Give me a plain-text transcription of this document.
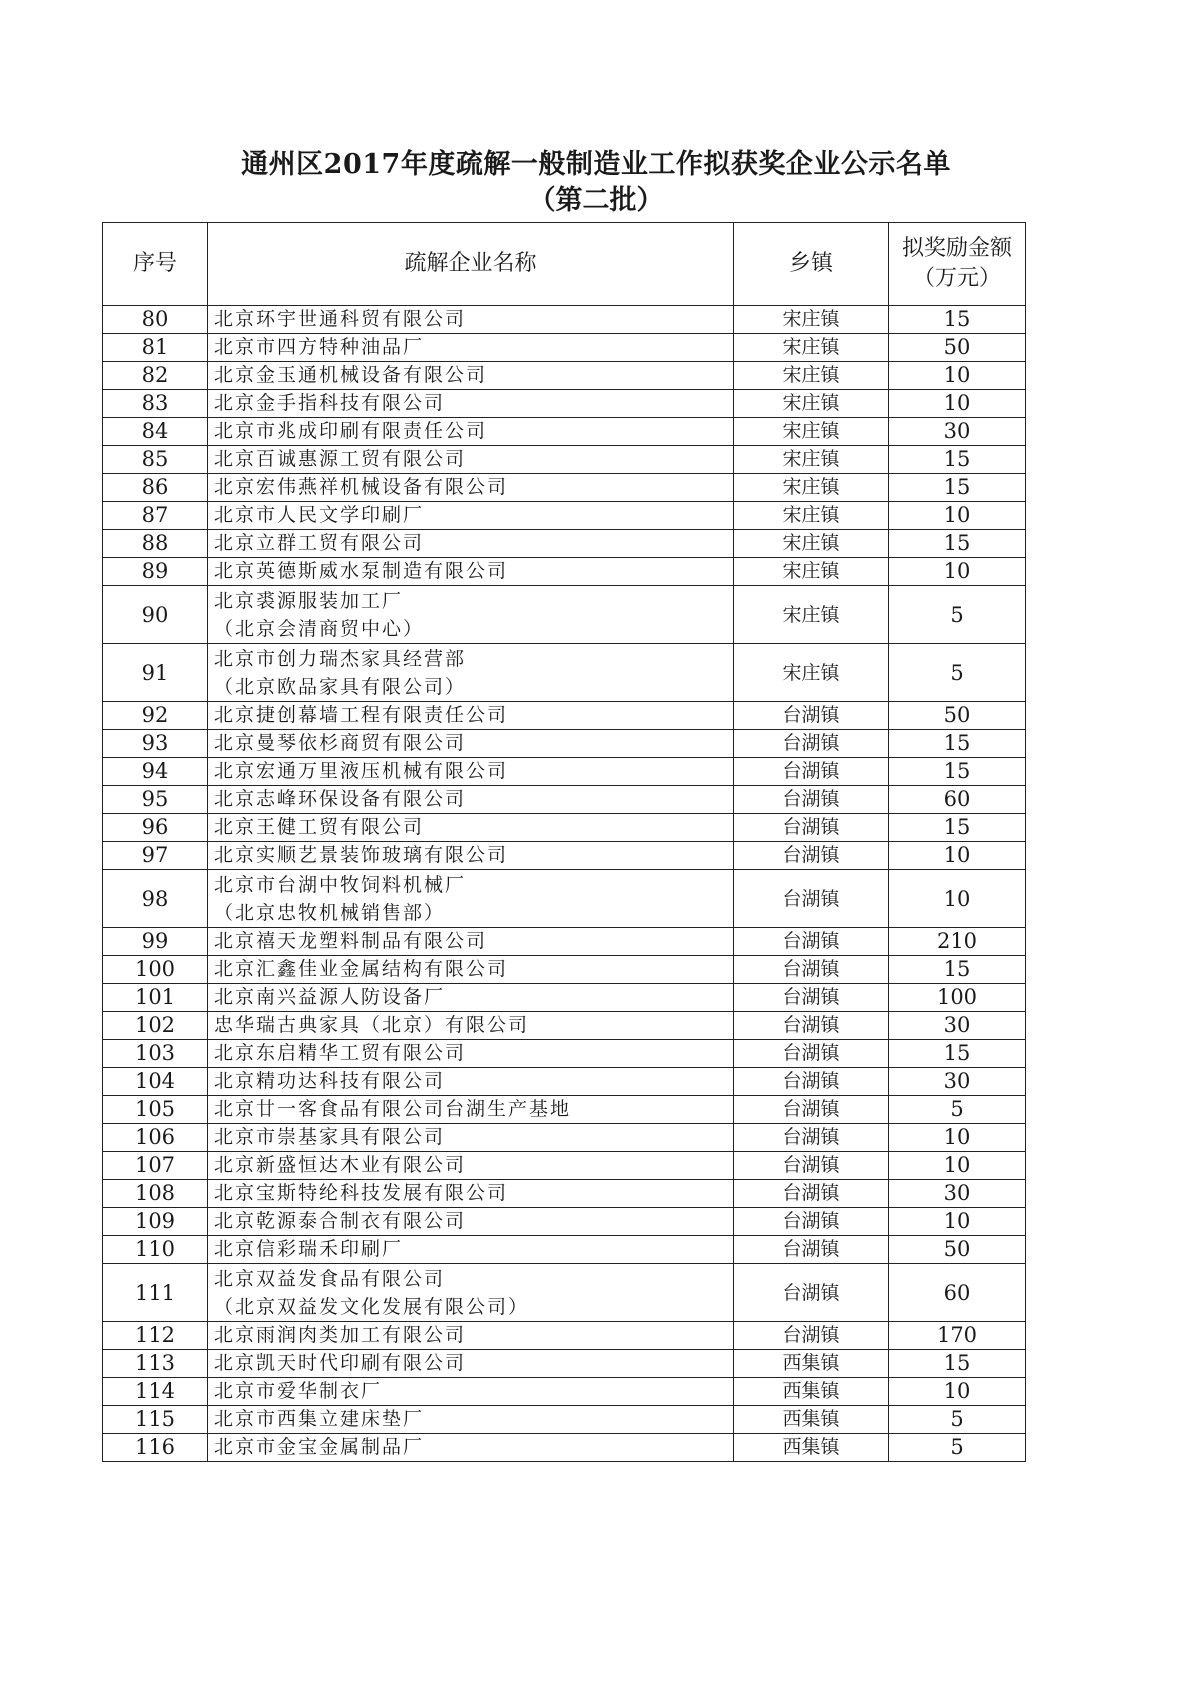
通州区2017年度疏解一般制造业工作拟获奖企业公示名单
（第二批）
序号	疏解企业名称	乡镇	拟奖励金额
（万元）
80	北京环宇世通科贸有限公司	宋庄镇	15
81	北京市四方特种油品厂	宋庄镇	50
82	北京金玉通机械设备有限公司	宋庄镇	10
83	北京金手指科技有限公司	宋庄镇	10
84	北京市兆成印刷有限责任公司	宋庄镇	30
85	北京百诚惠源工贸有限公司	宋庄镇	15
86	北京宏伟燕祥机械设备有限公司	宋庄镇	15
87	北京市人民文学印刷厂	宋庄镇	10
88	北京立群工贸有限公司	宋庄镇	15
89	北京英德斯威水泵制造有限公司	宋庄镇	10
90	北京裘源服装加工厂
（北京会清商贸中心）	宋庄镇	5
91	北京市创力瑞杰家具经营部
（北京欧品家具有限公司）	宋庄镇	5
92	北京捷创幕墙工程有限责任公司	台湖镇	50
93	北京曼琴依杉商贸有限公司	台湖镇	15
94	北京宏通万里液压机械有限公司	台湖镇	15
95	北京志峰环保设备有限公司	台湖镇	60
96	北京王健工贸有限公司	台湖镇	15
97	北京实顺艺景装饰玻璃有限公司	台湖镇	10
98	北京市台湖中牧饲料机械厂
（北京忠牧机械销售部）	台湖镇	10
99	北京禧天龙塑料制品有限公司	台湖镇	210
100	北京汇鑫佳业金属结构有限公司	台湖镇	15
101	北京南兴益源人防设备厂	台湖镇	100
102	忠华瑞古典家具（北京）有限公司	台湖镇	30
103	北京东启精华工贸有限公司	台湖镇	15
104	北京精功达科技有限公司	台湖镇	30
105	北京廿一客食品有限公司台湖生产基地	台湖镇	5
106	北京市崇基家具有限公司	台湖镇	10
107	北京新盛恒达木业有限公司	台湖镇	10
108	北京宝斯特纶科技发展有限公司	台湖镇	30
109	北京乾源泰合制衣有限公司	台湖镇	10
110	北京信彩瑞禾印刷厂	台湖镇	50
111	北京双益发食品有限公司
（北京双益发文化发展有限公司）	台湖镇	60
112	北京雨润肉类加工有限公司	台湖镇	170
113	北京凯天时代印刷有限公司	西集镇	15
114	北京市爱华制衣厂	西集镇	10
115	北京市西集立建床垫厂	西集镇	5
116	北京市金宝金属制品厂	西集镇	5
